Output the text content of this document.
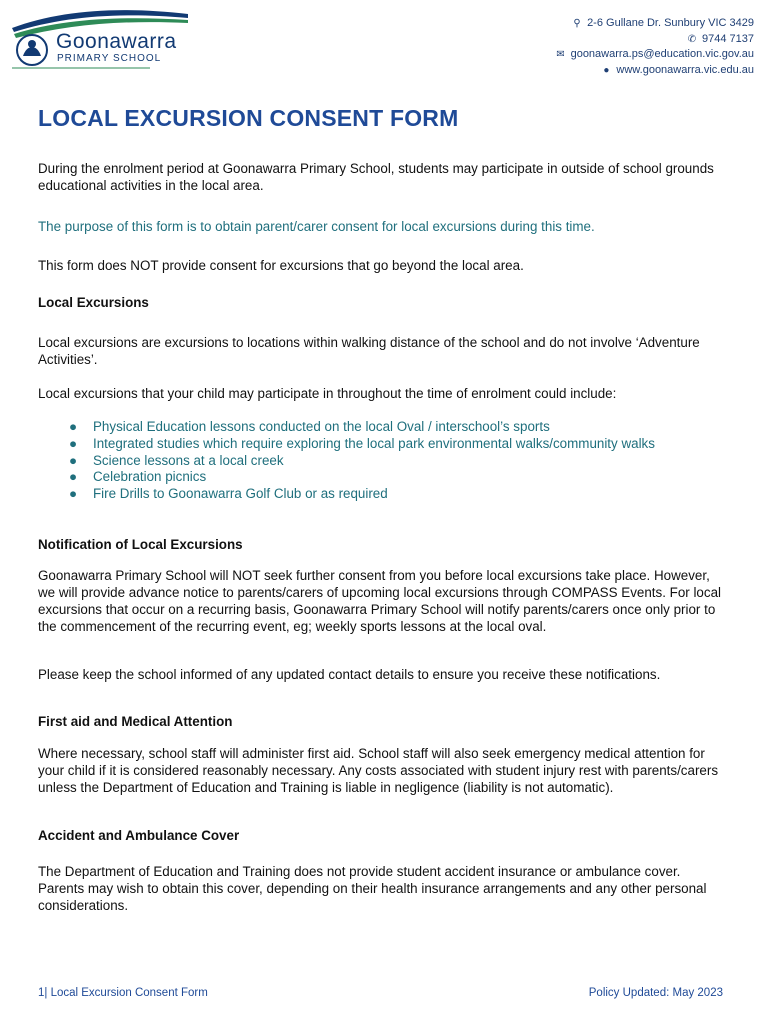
Goonawarra
PRIMARY SCHOOL
⚲ 2-6 Gullane Dr. Sunbury VIC 3429
✆ 9744 7137
✉ goonawarra.ps@education.vic.gov.au
● www.goonawarra.vic.edu.au
LOCAL EXCURSION CONSENT FORM
During the enrolment period at Goonawarra Primary School, students may participate in outside of school grounds educational activities in the local area.
The purpose of this form is to obtain parent/carer consent for local excursions during this time.
This form does NOT provide consent for excursions that go beyond the local area.
Local Excursions
Local excursions are excursions to locations within walking distance of the school and do not involve ‘Adventure Activities’.
Local excursions that your child may participate in throughout the time of enrolment could include:
● Physical Education lessons conducted on the local Oval / interschool’s sports
● Integrated studies which require exploring the local park environmental walks/community walks
● Science lessons at a local creek
● Celebration picnics
● Fire Drills to Goonawarra Golf Club or as required
Notification of Local Excursions
Goonawarra Primary School will NOT seek further consent from you before local excursions take place. However, we will provide advance notice to parents/carers of upcoming local excursions through COMPASS Events. For local excursions that occur on a recurring basis, Goonawarra Primary School will notify parents/carers once only prior to the commencement of the recurring event, eg; weekly sports lessons at the local oval.
Please keep the school informed of any updated contact details to ensure you receive these notifications.
First aid and Medical Attention
Where necessary, school staff will administer first aid. School staff will also seek emergency medical attention for your child if it is considered reasonably necessary. Any costs associated with student injury rest with parents/carers unless the Department of Education and Training is liable in negligence (liability is not automatic).
Accident and Ambulance Cover
The Department of Education and Training does not provide student accident insurance or ambulance cover. Parents may wish to obtain this cover, depending on their health insurance arrangements and any other personal considerations.
1| Local Excursion Consent Form	Policy Updated: May 2023
